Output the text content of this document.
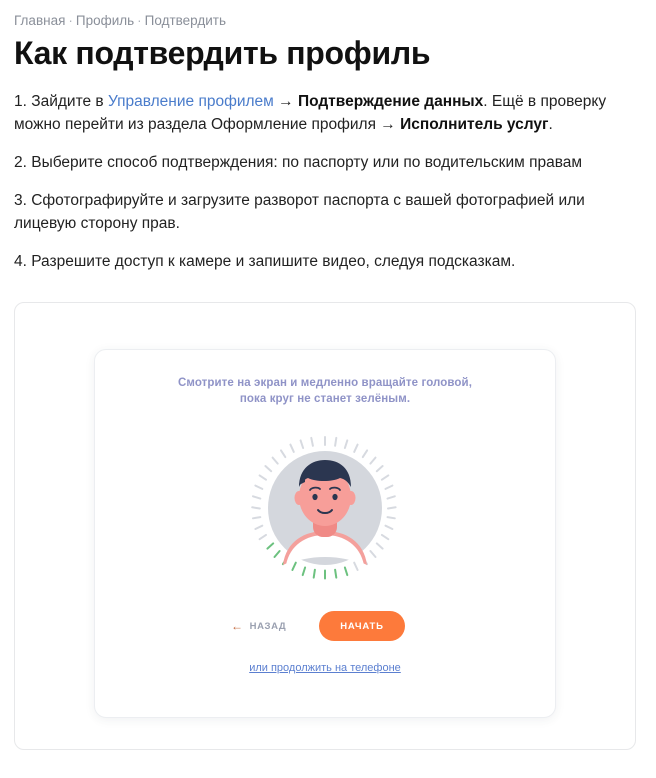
Главная · Профиль · Подтвердить
Как подтвердить профиль

1. Зайдите в Управление профилем → Подтверждение данных. Ещё в проверку можно перейти из раздела Оформление профиля → Исполнитель услуг.

2. Выберите способ подтверждения: по паспорту или по водительским правам

3. Сфотографируйте и загрузите разворот паспорта с вашей фотографией или лицевую сторону прав.

4. Разрешите доступ к камере и запишите видео, следуя подсказкам.

Смотрите на экран и медленно вращайте головой,
пока круг не станет зелёным.
← НАЗАД	НАЧАТЬ
или продолжить на телефоне
